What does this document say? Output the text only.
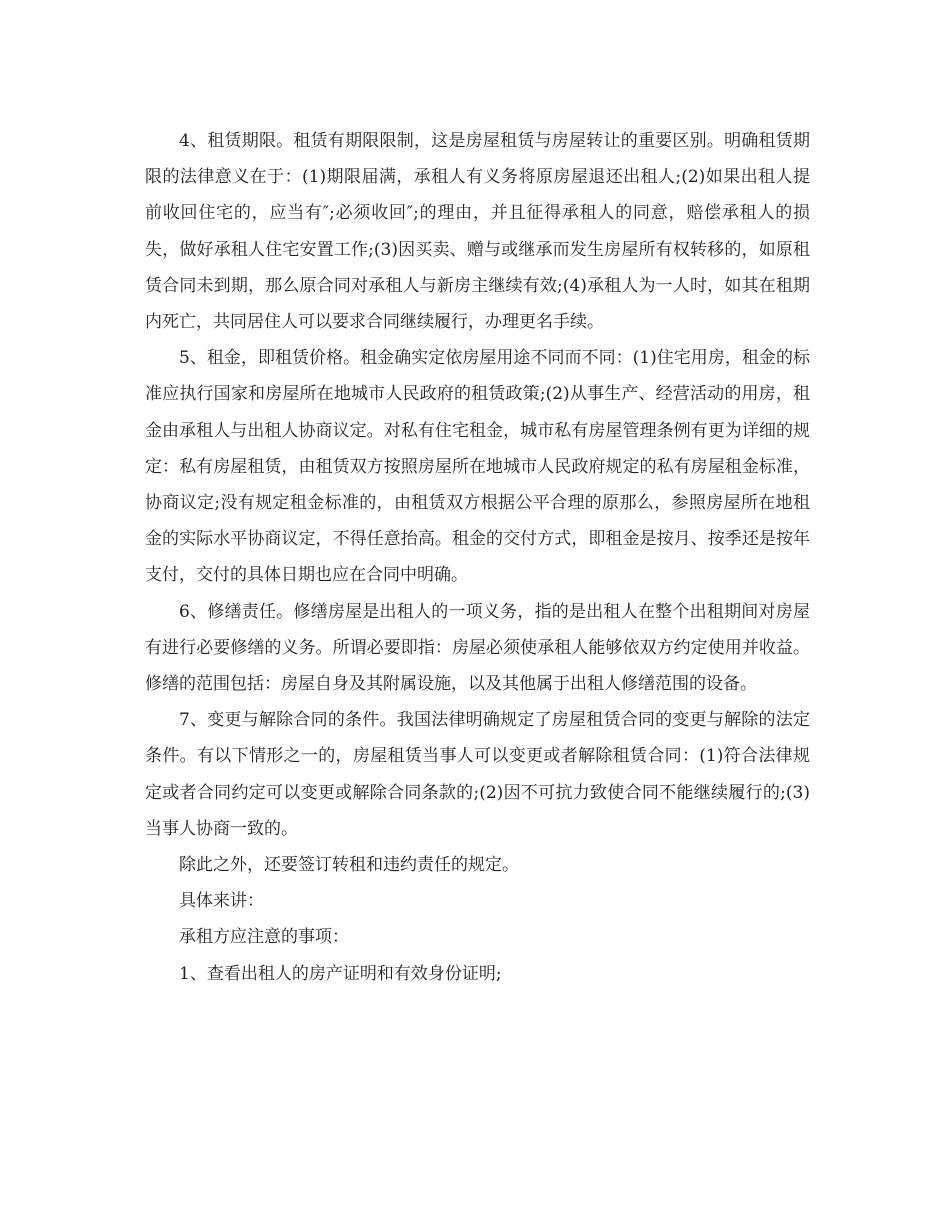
4、租赁期限。租赁有期限限制，这是房屋租赁与房屋转让的重要区别。明确租赁期限的法律意义在于：(1)期限届满，承租人有义务将原房屋退还出租人;(2)如果出租人提前收回住宅的，应当有″;必须收回″;的理由，并且征得承租人的同意，赔偿承租人的损失，做好承租人住宅安置工作;(3)因买卖、赠与或继承而发生房屋所有权转移的，如原租赁合同未到期，那么原合同对承租人与新房主继续有效;(4)承租人为一人时，如其在租期内死亡，共同居住人可以要求合同继续履行，办理更名手续。

5、租金，即租赁价格。租金确实定依房屋用途不同而不同：(1)住宅用房，租金的标准应执行国家和房屋所在地城市人民政府的租赁政策;(2)从事生产、经营活动的用房，租金由承租人与出租人协商议定。对私有住宅租金，城市私有房屋管理条例有更为详细的规定：私有房屋租赁，由租赁双方按照房屋所在地城市人民政府规定的私有房屋租金标准，协商议定;没有规定租金标准的，由租赁双方根据公平合理的原那么，参照房屋所在地租金的实际水平协商议定，不得任意抬高。租金的交付方式，即租金是按月、按季还是按年支付，交付的具体日期也应在合同中明确。

6、修缮责任。修缮房屋是出租人的一项义务，指的是出租人在整个出租期间对房屋有进行必要修缮的义务。所谓必要即指：房屋必须使承租人能够依双方约定使用并收益。修缮的范围包括：房屋自身及其附属设施，以及其他属于出租人修缮范围的设备。

7、变更与解除合同的条件。我国法律明确规定了房屋租赁合同的变更与解除的法定条件。有以下情形之一的，房屋租赁当事人可以变更或者解除租赁合同：(1)符合法律规定或者合同约定可以变更或解除合同条款的;(2)因不可抗力致使合同不能继续履行的;(3)当事人协商一致的。

除此之外，还要签订转租和违约责任的规定。

具体来讲：

承租方应注意的事项：

1、查看出租人的房产证明和有效身份证明;
